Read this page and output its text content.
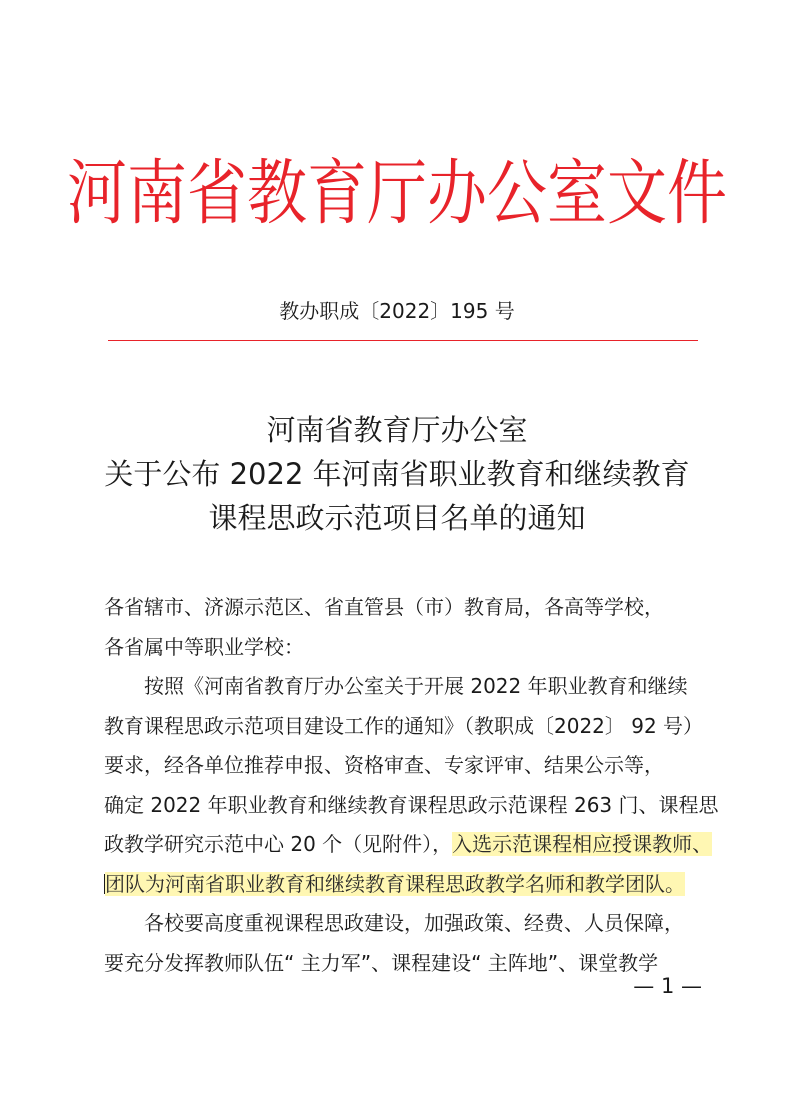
河南省教育厅办公室文件
教办职成〔2022〕195 号
河南省教育厅办公室
关于公布 2022 年河南省职业教育和继续教育
课程思政示范项目名单的通知
各省辖市、济源示范区、省直管县（市）教育局，各高等学校，
各省属中等职业学校：
按照《河南省教育厅办公室关于开展 2022 年职业教育和继续
教育课程思政示范项目建设工作的通知》（教职成〔2022〕 92 号）
要求，经各单位推荐申报、资格审查、专家评审、结果公示等，
确定 2022 年职业教育和继续教育课程思政示范课程 263 门、课程思
政教学研究示范中心 20 个（见附件），入选示范课程相应授课教师、
团队为河南省职业教育和继续教育课程思政教学名师和教学团队。
各校要高度重视课程思政建设，加强政策、经费、人员保障，
要充分发挥教师队伍“ 主力军”、课程建设“ 主阵地”、课堂教学
— 1 —
